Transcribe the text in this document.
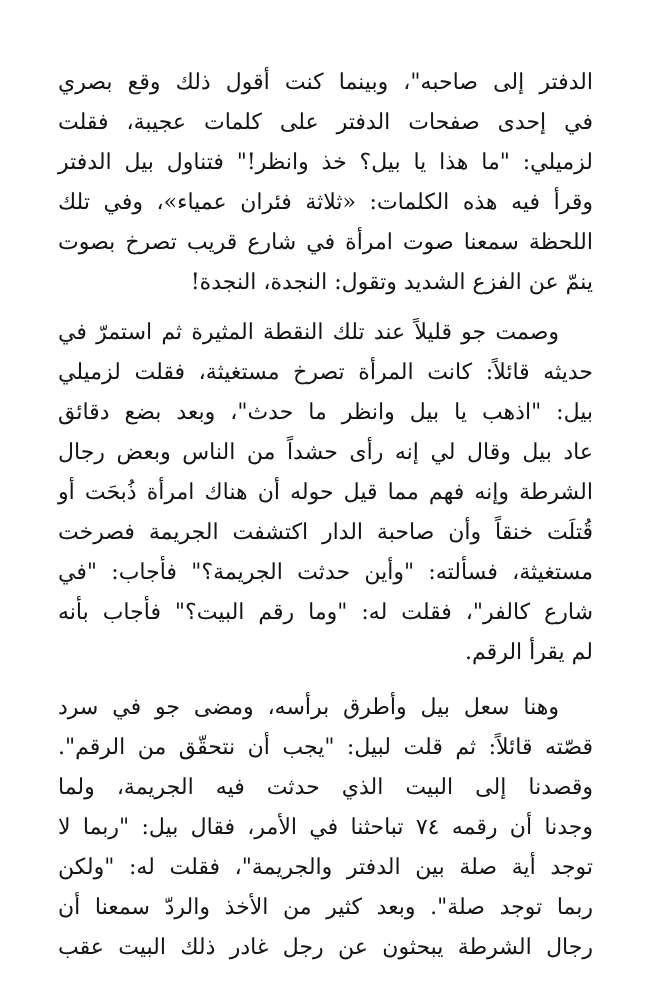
الدفتر إلى صاحبه"، وبينما كنت أقول ذلك وقع بصري
في إحدى صفحات الدفتر على كلمات عجيبة، فقلت
لزميلي: "ما هذا يا بيل؟ خذ وانظر!" فتناول بيل الدفتر
وقرأ فيه هذه الكلمات: «ثلاثة فئران عمياء»، وفي تلك
اللحظة سمعنا صوت امرأة في شارع قريب تصرخ بصوت
ينمّ عن الفزع الشديد وتقول: النجدة، النجدة!
وصمت جو قليلاً عند تلك النقطة المثيرة ثم استمرّ في
حديثه قائلاً: كانت المرأة تصرخ مستغيثة، فقلت لزميلي
بيل: "اذهب يا بيل وانظر ما حدث"، وبعد بضع دقائق
عاد بيل وقال لي إنه رأى حشداً من الناس وبعض رجال
الشرطة وإنه فهم مما قيل حوله أن هناك امرأة ذُبحَت أو
قُتلَت خنقاً وأن صاحبة الدار اكتشفت الجريمة فصرخت
مستغيثة، فسألته: "وأين حدثت الجريمة؟" فأجاب: "في
شارع كالفر"، فقلت له: "وما رقم البيت؟" فأجاب بأنه
لم يقرأ الرقم.
وهنا سعل بيل وأطرق برأسه، ومضى جو في سرد
قصّته قائلاً: ثم قلت لبيل: "يجب أن نتحقّق من الرقم".
وقصدنا إلى البيت الذي حدثت فيه الجريمة، ولما
وجدنا أن رقمه ٧٤ تباحثنا في الأمر، فقال بيل: "ربما لا
توجد أية صلة بين الدفتر والجريمة"، فقلت له: "ولكن
ربما توجد صلة". وبعد كثير من الأخذ والردّ سمعنا أن
رجال الشرطة يبحثون عن رجل غادر ذلك البيت عقب
